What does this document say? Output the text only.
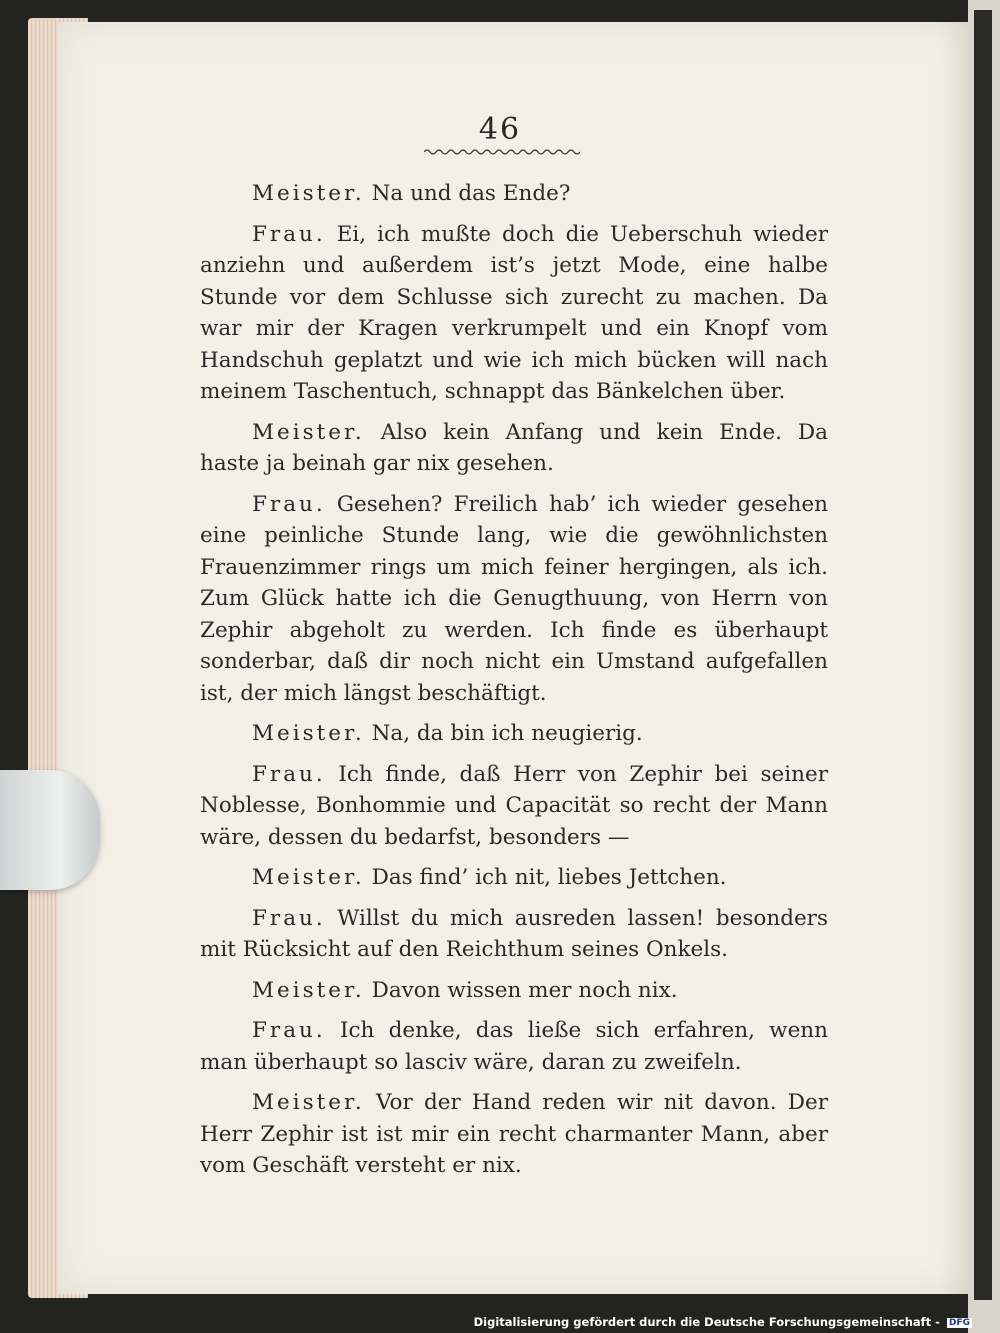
46

Meister. Na und das Ende?

Frau. Ei, ich mußte doch die Ueberschuh wieder anziehn und außerdem ist’s jetzt Mode, eine halbe Stunde vor dem Schlusse sich zurecht zu machen. Da war mir der Kragen verkrumpelt und ein Knopf vom Handschuh geplatzt und wie ich mich bücken will nach meinem Taschentuch, schnappt das Bänkelchen über.

Meister. Also kein Anfang und kein Ende. Da haste ja beinah gar nix gesehen.

Frau. Gesehen? Freilich hab’ ich wieder gesehen eine peinliche Stunde lang, wie die gewöhnlichsten Frauenzimmer rings um mich feiner hergingen, als ich. Zum Glück hatte ich die Genugthuung, von Herrn von Zephir abgeholt zu werden. Ich finde es überhaupt sonderbar, daß dir noch nicht ein Umstand aufgefallen ist, der mich längst beschäftigt.

Meister. Na, da bin ich neugierig.

Frau. Ich finde, daß Herr von Zephir bei seiner Noblesse, Bonhommie und Capacität so recht der Mann wäre, dessen du bedarfst, besonders —

Meister. Das find’ ich nit, liebes Jettchen.

Frau. Willst du mich ausreden lassen! besonders mit Rücksicht auf den Reichthum seines Onkels.

Meister. Davon wissen mer noch nix.

Frau. Ich denke, das ließe sich erfahren, wenn man überhaupt so lasciv wäre, daran zu zweifeln.

Meister. Vor der Hand reden wir nit davon. Der Herr Zephir ist ist mir ein recht charmanter Mann, aber vom Geschäft versteht er nix.

Digitalisierung gefördert durch die Deutsche Forschungsgemeinschaft - DFG
